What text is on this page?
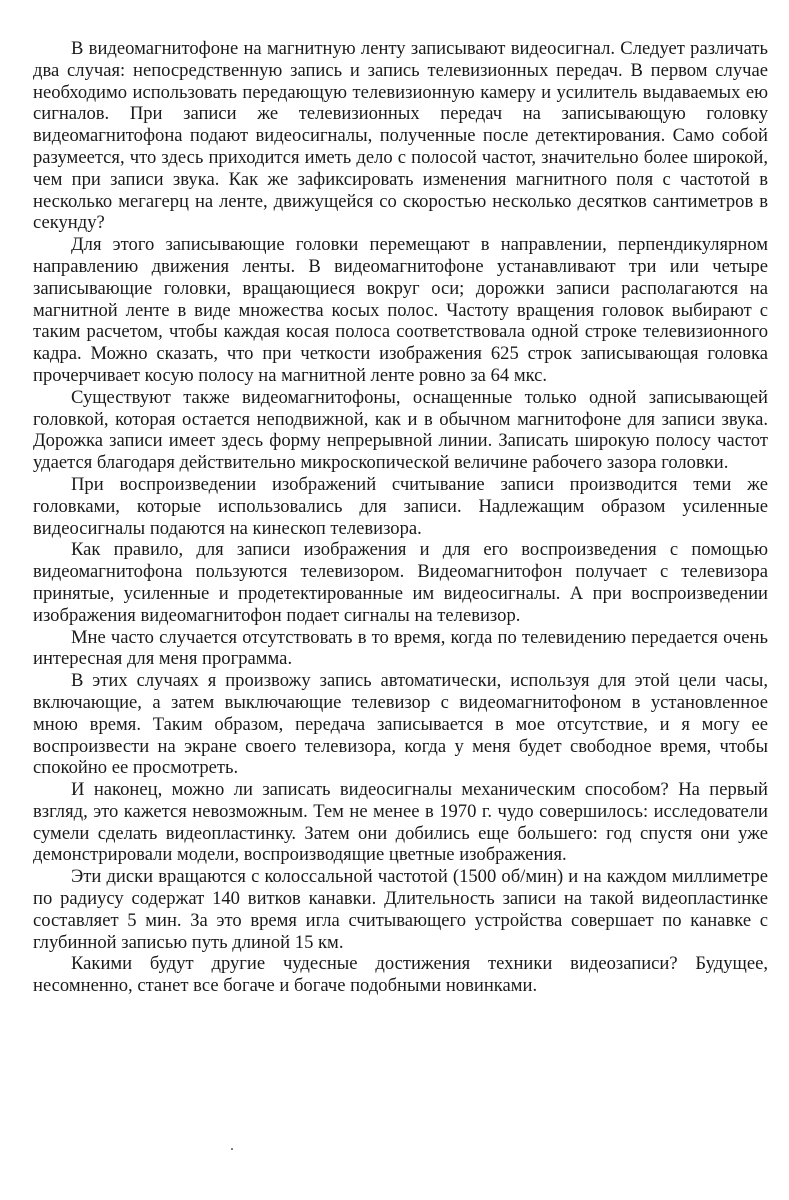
В видеомагнитофоне на магнитную ленту записывают видеосигнал. Следует различать два случая: непосредственную запись и запись телевизионных передач. В первом случае необходимо использовать передающую телевизионную камеру и усилитель выдаваемых ею сигналов. При записи же телевизионных передач на записывающую головку видеомагнитофона подают видеосигналы, полученные после детектирования. Само собой разумеется, что здесь приходится иметь дело с полосой частот, значительно более широкой, чем при записи звука. Как же зафиксировать изменения магнитного поля с частотой в несколько мегагерц на ленте, движущейся со скоростью несколько десятков сантиметров в секунду?

Для этого записывающие головки перемещают в направлении, перпендикулярном направлению движения ленты. В видеомагнитофоне устанавливают три или четыре записывающие головки, вращающиеся вокруг оси; дорожки записи располагаются на магнитной ленте в виде множества косых полос. Частоту вращения головок выбирают с таким расчетом, чтобы каждая косая полоса соответствовала одной строке телевизионного кадра. Можно сказать, что при четкости изображения 625 строк записывающая головка прочерчивает косую полосу на магнитной ленте ровно за 64 мкс.

Существуют также видеомагнитофоны, оснащенные только одной записывающей головкой, которая остается неподвижной, как и в обычном магнитофоне для записи звука. Дорожка записи имеет здесь форму непрерывной линии. Записать широкую полосу частот удается благодаря действительно микроскопической величине рабочего зазора головки.

При воспроизведении изображений считывание записи производится теми же головками, которые использовались для записи. Надлежащим образом усиленные видеосигналы подаются на кинескоп телевизора.

Как правило, для записи изображения и для его воспроизведения с помощью видеомагнитофона пользуются телевизором. Видеомагнитофон получает с телевизора принятые, усиленные и продетектированные им видеосигналы. А при воспроизведении изображения видеомагнитофон подает сигналы на телевизор.

Мне часто случается отсутствовать в то время, когда по телевидению передается очень интересная для меня программа.

В этих случаях я произвожу запись автоматически, используя для этой цели часы, включающие, а затем выключающие телевизор с видеомагнитофоном в установленное мною время. Таким образом, передача записывается в мое отсутствие, и я могу ее воспроизвести на экране своего телевизора, когда у меня будет свободное время, чтобы спокойно ее просмотреть.

И наконец, можно ли записать видеосигналы механическим способом? На первый взгляд, это кажется невозможным. Тем не менее в 1970 г. чудо совершилось: исследователи сумели сделать видеопластинку. Затем они добились еще большего: год спустя они уже демонстрировали модели, воспроизводящие цветные изображения.

Эти диски вращаются с колоссальной частотой (1500 об/мин) и на каждом миллиметре по радиусу содержат 140 витков канавки. Длительность записи на такой видеопластинке составляет 5 мин. За это время игла считывающего устройства совершает по канавке с глубинной записью путь длиной 15 км.

Какими будут другие чудесные достижения техники видеозаписи? Будущее, несомненно, станет все богаче и богаче подобными новинками.
